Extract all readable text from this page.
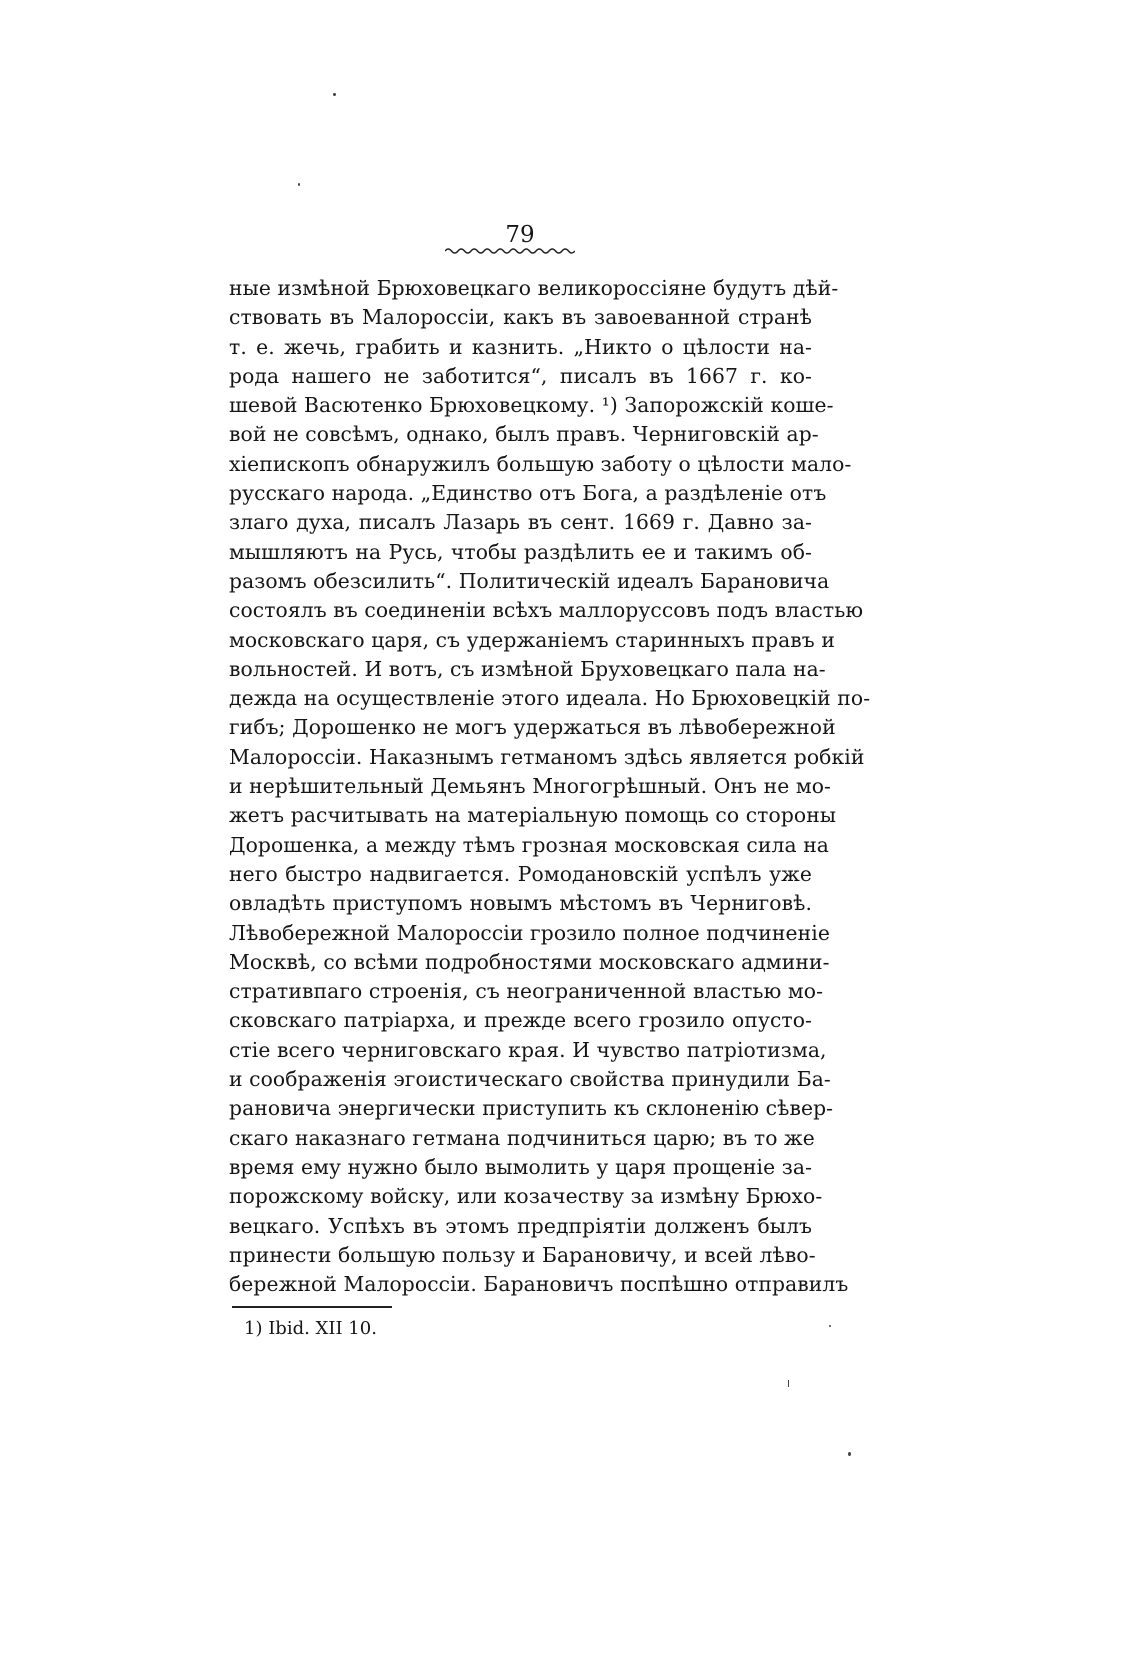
79
ные измѣной Брюховецкаго великороссіяне будутъ дѣй-
ствовать въ Малороссіи, какъ въ завоеванной странѣ
т. е. жечь, грабить и казнить. „Никто о цѣлости на-
рода нашего не заботится“, писалъ въ 1667 г. ко-
шевой Васютенко Брюховецкому. ¹) Запорожскій кошe-
вой не совсѣмъ, однако, былъ правъ. Черниговскій ар-
хіепископъ обнаружилъ большую заботу о цѣлости мало-
русскаго народа. „Единство отъ Бога, а раздѣленіе отъ
злаго духа, писалъ Лазарь въ сент. 1669 г. Давно за-
мышляютъ на Русь, чтобы раздѣлить ее и такимъ об-
разомъ обезсилить“. Политическій идеалъ Барановича
состоялъ въ соединеніи всѣхъ маллоруссовъ подъ властью
московскаго царя, съ удержаніемъ старинныхъ правъ и
вольностей. И вотъ, съ измѣной Бруховецкаго пала на-
дежда на осуществленіе этого идеала. Но Брюховецкій по-
гибъ; Дорошенко не могъ удержаться въ лѣвобережной
Малороссіи. Наказнымъ гетманомъ здѣсь является робкій
и нерѣшительный Демьянъ Многогрѣшный. Онъ не мо-
жетъ расчитывать на матеріальную помощь со стороны
Дорошенка, а между тѣмъ грозная московская сила на
него быстро надвигается. Ромодановскій успѣлъ уже
овладѣть приступомъ новымъ мѣстомъ въ Черниговѣ.
Лѣвобережной Малороссіи грозило полное подчиненіе
Москвѣ, со всѣми подробностями московскаго админи-
стративпаго строенія, съ неограниченной властью мо-
сковскаго патріарха, и прежде всего грозило опусто-
стіе всего черниговскаго края. И чувство патріотизма,
и соображенія эгоистическаго свойства принудили Ба-
рановича энергически приступить къ склоненію сѣвер-
скаго наказнаго гетмана подчиниться царю; въ то же
время ему нужно было вымолить у царя прощеніе за-
порожскому войску, или козачеству за измѣну Брюхо-
вецкаго. Успѣхъ въ этомъ предпріятіи долженъ былъ
принести большую пользу и Барановичу, и всей лѣво-
бережной Малороссіи. Барановичъ поспѣшно отправилъ
1) Ibid. XII 10.
